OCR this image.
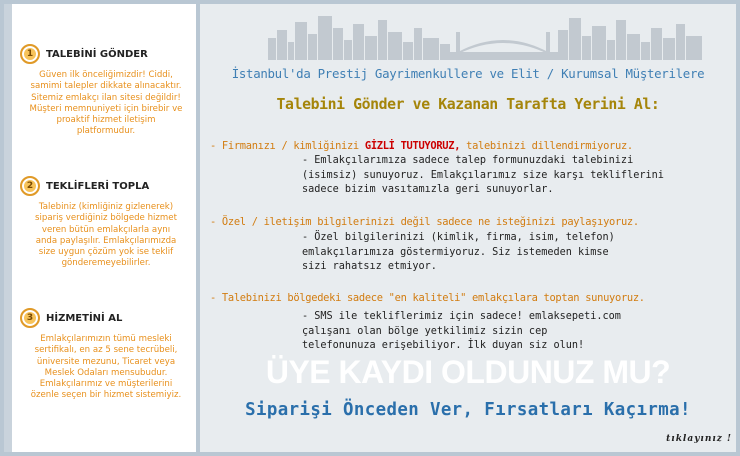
1	TALEBİNİ GÖNDER
Güven ilk önceliğimizdir! Ciddi,
samimi talepler dikkate alınacaktır.
Sitemiz emlakçı ilan sitesi değildir!
Müşteri memnuniyeti için birebir ve
proaktif hizmet iletişim
platformudur.
2	TEKLİFLERİ TOPLA
Talebiniz (kimliğiniz gizlenerek)
sipariş verdiğiniz bölgede hizmet
veren bütün emlakçılarla aynı
anda paylaşılır. Emlakçılarımızda
size uygun çözüm yok ise teklif
gönderemeyebilirler.
3	HİZMETİNİ AL
Emlakçılarımızın tümü mesleki
sertifikalı, en az 5 sene tecrübeli,
üniversite mezunu, Ticaret veya
Meslek Odaları mensubudur.
Emlakçılarımız ve müşterilerini
özenle seçen bir hizmet sistemiyiz.
İstanbul'da Prestij Gayrimenkullere ve Elit / Kurumsal Müşterilere
Talebini Gönder ve Kazanan Tarafta Yerini Al:
- Firmanızı / kimliğinizi GİZLİ TUTUYORUZ, talebinizi dillendirmiyoruz.
- Emlakçılarımıza sadece talep formunuzdaki talebinizi
(isimsiz) sunuyoruz. Emlakçılarımız size karşı tekliflerini
sadece bizim vasıtamızla geri sunuyorlar.
- Özel / iletişim bilgilerinizi değil sadece ne isteğinizi paylaşıyoruz.
- Özel bilgilerinizi (kimlik, firma, isim, telefon)
emlakçılarımıza göstermiyoruz. Siz istemeden kimse
sizi rahatsız etmiyor.
- Talebinizi bölgedeki sadece "en kaliteli" emlakçılara toptan sunuyoruz.
- SMS ile tekliflerimiz için sadece! emlaksepeti.com
çalışanı olan bölge yetkilimiz sizin cep
telefonunuza erişebiliyor. İlk duyan siz olun!
ÜYE KAYDI OLDUNUZ MU?
Siparişi Önceden Ver, Fırsatları Kaçırma!
tıklayınız !
